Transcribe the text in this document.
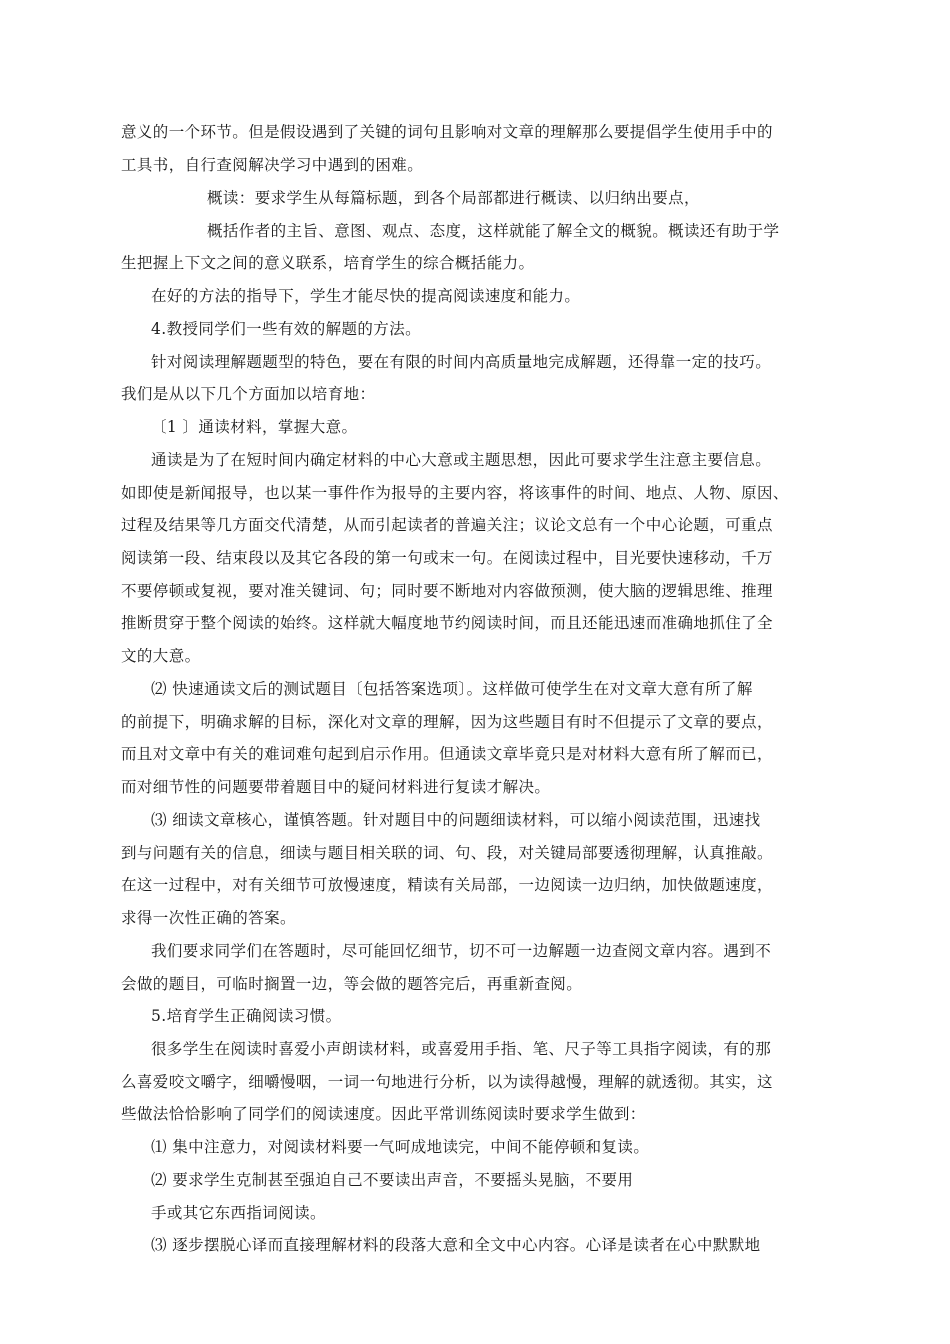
意义的一个环节。但是假设遇到了关键的词句且影响对文章的理解那么要提倡学生使用手中的
工具书，自行查阅解决学习中遇到的困难。
概读：要求学生从每篇标题，到各个局部都进行概读、以归纳出要点，
概括作者的主旨、意图、观点、态度，这样就能了解全文的概貌。概读还有助于学
生把握上下文之间的意义联系，培育学生的综合概括能力。
在好的方法的指导下，学生才能尽快的提高阅读速度和能力。
4.教授同学们一些有效的解题的方法。
针对阅读理解题题型的特色，要在有限的时间内高质量地完成解题，还得靠一定的技巧。
我们是从以下几个方面加以培育地：
〔1 〕通读材料，掌握大意。
通读是为了在短时间内确定材料的中心大意或主题思想，因此可要求学生注意主要信息。
如即使是新闻报导，也以某一事件作为报导的主要内容，将该事件的时间、地点、人物、原因、
过程及结果等几方面交代清楚，从而引起读者的普遍关注；议论文总有一个中心论题，可重点
阅读第一段、结束段以及其它各段的第一句或末一句。在阅读过程中，目光要快速移动，千万
不要停顿或复视，要对准关键词、句；同时要不断地对内容做预测，使大脑的逻辑思维、推理
推断贯穿于整个阅读的始终。这样就大幅度地节约阅读时间，而且还能迅速而准确地抓住了全
文的大意。
⑵ 快速通读文后的测试题目〔包括答案选项〕。这样做可使学生在对文章大意有所了解
的前提下，明确求解的目标，深化对文章的理解，因为这些题目有时不但提示了文章的要点，
而且对文章中有关的难词难句起到启示作用。但通读文章毕竟只是对材料大意有所了解而已，
而对细节性的问题要带着题目中的疑问材料进行复读才解决。
⑶ 细读文章核心，谨慎答题。针对题目中的问题细读材料，可以缩小阅读范围，迅速找
到与问题有关的信息，细读与题目相关联的词、句、段，对关键局部要透彻理解，认真推敲。
在这一过程中，对有关细节可放慢速度，精读有关局部，一边阅读一边归纳，加快做题速度，
求得一次性正确的答案。
我们要求同学们在答题时，尽可能回忆细节，切不可一边解题一边查阅文章内容。遇到不
会做的题目，可临时搁置一边，等会做的题答完后，再重新查阅。
5.培育学生正确阅读习惯。
很多学生在阅读时喜爱小声朗读材料，或喜爱用手指、笔、尺子等工具指字阅读，有的那
么喜爱咬文嚼字，细嚼慢咽，一词一句地进行分析，以为读得越慢，理解的就透彻。其实，这
些做法恰恰影响了同学们的阅读速度。因此平常训练阅读时要求学生做到：
⑴ 集中注意力，对阅读材料要一气呵成地读完，中间不能停顿和复读。
⑵ 要求学生克制甚至强迫自己不要读出声音，不要摇头晃脑，不要用
手或其它东西指词阅读。
⑶ 逐步摆脱心译而直接理解材料的段落大意和全文中心内容。心译是读者在心中默默地
